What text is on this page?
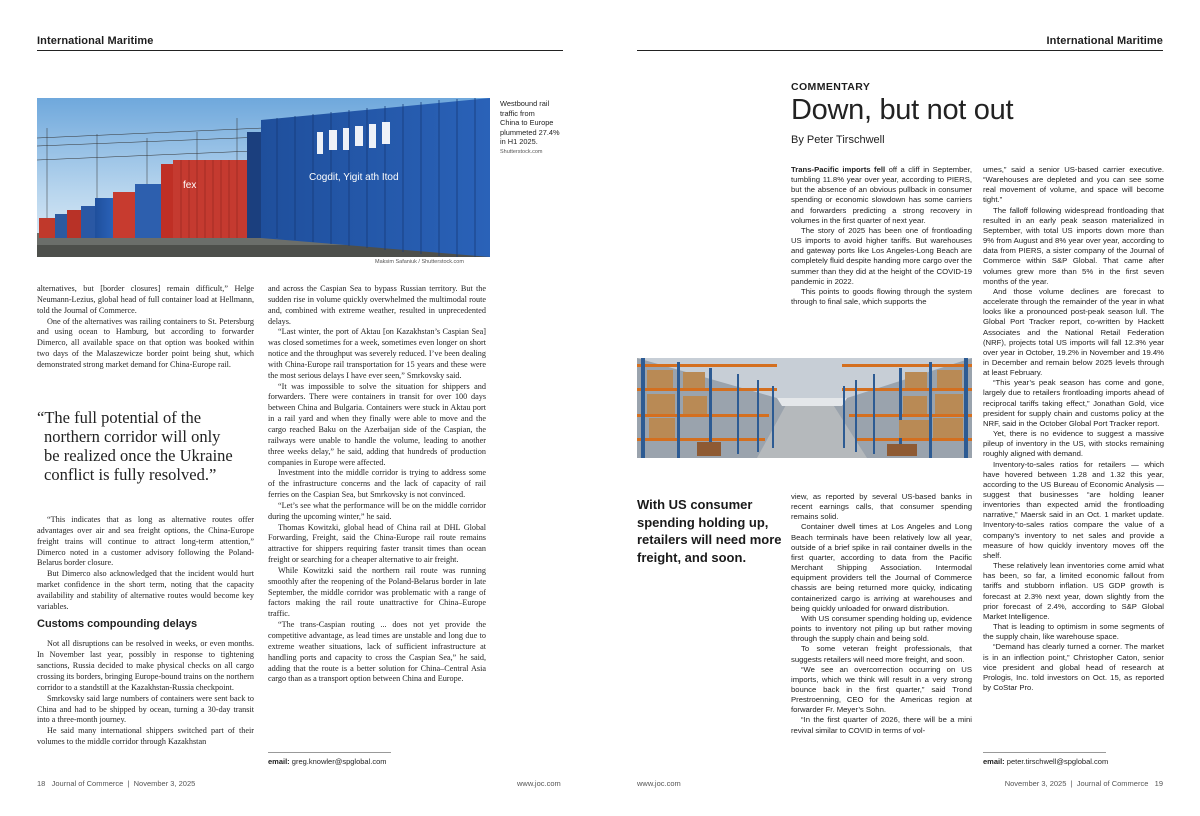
International Maritime	International Maritime
fex
Cogdit, Yigit ath Itod
Maksim Safaniuk / Shutterstock.com
Westbound rail
traffic from
China to Europe
plummeted 27.4%
in H1 2025.
Shutterstock.com

alternatives, but [border closures] remain difficult,” Helge Neumann-Lezius, global head of full container load at Hellmann, told the Journal of Commerce.

One of the alternatives was railing containers to St. Petersburg and using ocean to Hamburg, but according to forwarder Dimerco, all available space on that option was booked within two days of the Malaszewicze border point being shut, which demonstrated strong market demand for China-Europe rail.

“The full potential of the
northern corridor will only
be realized once the Ukraine
conflict is fully resolved.”

“This indicates that as long as alternative routes offer advantages over air and sea freight options, the China-Europe freight trains will continue to attract long-term attention,” Dimerco noted in a customer advisory following the Poland-Belarus border closure.

But Dimerco also acknowledged that the incident would hurt market confidence in the short term, noting that the capacity availability and stability of alternative routes would become key variables.

Customs compounding delays

Not all disruptions can be resolved in weeks, or even months. In November last year, possibly in response to tightening sanctions, Russia decided to make physical checks on all cargo crossing its borders, bringing Europe-bound trains on the northern corridor to a standstill at the Kazakhstan-Russia checkpoint.

Smrkovsky said large numbers of containers were sent back to China and had to be shipped by ocean, turning a 30-day transit into a three-month journey.

He said many international shippers switched part of their volumes to the middle corridor through Kazakhstan

and across the Caspian Sea to bypass Russian territory. But the sudden rise in volume quickly overwhelmed the multimodal route and, combined with extreme weather, resulted in unprecedented delays.

“Last winter, the port of Aktau [on Kazakhstan’s Caspian Sea] was closed sometimes for a week, sometimes even longer on short notice and the throughput was severely reduced. I’ve been dealing with China-Europe rail transportation for 15 years and these were the most serious delays I have ever seen,” Smrkovsky said.

“It was impossible to solve the situation for shippers and forwarders. There were containers in transit for over 100 days between China and Bulgaria. Containers were stuck in Aktau port in a rail yard and when they finally were able to move and the cargo reached Baku on the Azerbaijan side of the Caspian, the railways were unable to handle the volume, leading to another three weeks delay,” he said, adding that hundreds of production companies in Europe were affected.

Investment into the middle corridor is trying to address some of the infrastructure concerns and the lack of capacity of rail ferries on the Caspian Sea, but Smrkovsky is not convinced.

“Let’s see what the performance will be on the middle corridor during the upcoming winter,” he said.

Thomas Kowitzki, global head of China rail at DHL Global Forwarding, Freight, said the China-Europe rail route remains attractive for shippers requiring faster transit times than ocean freight or searching for a cheaper alternative to air freight.

While Kowitzki said the northern rail route was running smoothly after the reopening of the Poland-Belarus border in late September, the middle corridor was problematic with a range of factors making the rail route unattractive for China–Europe traffic.

“The trans-Caspian routing ... does not yet provide the competitive advantage, as lead times are unstable and long due to extreme weather situations, lack of sufficient infrastructure at handling ports and capacity to cross the Caspian Sea,” he said, adding that the route is a better solution for China–Central Asia cargo than as a transport option between China and Europe.

email: greg.knowler@spglobal.com
18 Journal of Commerce  |  November 3, 2025	www.joc.com
COMMENTARY
Down, but not out
By Peter Tirschwell

Trans-Pacific imports fell off a cliff in September, tumbling 11.8% year over year, according to PIERS, but the absence of an obvious pullback in consumer spending or economic slowdown has some carriers and forwarders predicting a strong recovery in volumes in the first quarter of next year.

The story of 2025 has been one of frontloading US imports to avoid higher tariffs. But warehouses and gateway ports like Los Angeles-Long Beach are completely fluid despite handing more cargo over the summer than they did at the height of the COVID-19 pandemic in 2022.

This points to goods flowing through the system through to final sale, which supports the

With US consumer
spending holding up,
retailers will need more
freight, and soon.

view, as reported by several US-based banks in recent earnings calls, that consumer spending remains solid.

Container dwell times at Los Angeles and Long Beach terminals have been relatively low all year, outside of a brief spike in rail container dwells in the first quarter, according to data from the Pacific Merchant Shipping Association. Intermodal equipment providers tell the Journal of Commerce chassis are being returned more quicky, indicating containerized cargo is arriving at warehouses and being quickly unloaded for onward distribution.

With US consumer spending holding up, evidence points to inventory not piling up but rather moving through the supply chain and being sold.

To some veteran freight professionals, that suggests retailers will need more freight, and soon.

“We see an overcorrection occurring on US imports, which we think will result in a very strong bounce back in the first quarter,” said Trond Prestroenning, CEO for the Americas region at forwarder Fr. Meyer’s Sohn.

“In the first quarter of 2026, there will be a mini revival similar to COVID in terms of vol-

umes,” said a senior US-based carrier executive. “Warehouses are depleted and you can see some real movement of volume, and space will become tight.”

The falloff following widespread frontloading that resulted in an early peak season materialized in September, with total US imports down more than 9% from August and 8% year over year, according to data from PIERS, a sister company of the Journal of Commerce within S&P Global. That came after volumes grew more than 5% in the first seven months of the year.

And those volume declines are forecast to accelerate through the remainder of the year in what looks like a pronounced post-peak season lull. The Global Port Tracker report, co-written by Hackett Associates and the National Retail Federation (NRF), projects total US imports will fall 12.3% year over year in October, 19.2% in November and 19.4% in December and remain below 2025 levels through at least February.

“This year’s peak season has come and gone, largely due to retailers frontloading imports ahead of reciprocal tariffs taking effect,” Jonathan Gold, vice president for supply chain and customs policy at the NRF, said in the October Global Port Tracker report.

Yet, there is no evidence to suggest a massive pileup of inventory in the US, with stocks remaining roughly aligned with demand.

Inventory-to-sales ratios for retailers — which have hovered between 1.28 and 1.32 this year, according to the US Bureau of Economic Analysis — suggest that businesses “are holding leaner inventories than expected amid the frontloading narrative,” Maersk said in an Oct. 1 market update. Inventory-to-sales ratios compare the value of a company’s inventory to net sales and provide a measure of how quickly inventory moves off the shelf.

These relatively lean inventories come amid what has been, so far, a limited economic fallout from tariffs and stubborn inflation. US GDP growth is forecast at 2.3% next year, down slightly from the prior forecast of 2.4%, according to S&P Global Market Intelligence.

That is leading to optimism in some segments of the supply chain, like warehouse space.

“Demand has clearly turned a corner. The market is in an inflection point,” Christopher Caton, senior vice president and global head of research at Prologis, Inc. told investors on Oct. 15, as reported by CoStar Pro.

email: peter.tirschwell@spglobal.com
www.joc.com	November 3, 2025  |  Journal of Commerce 19
